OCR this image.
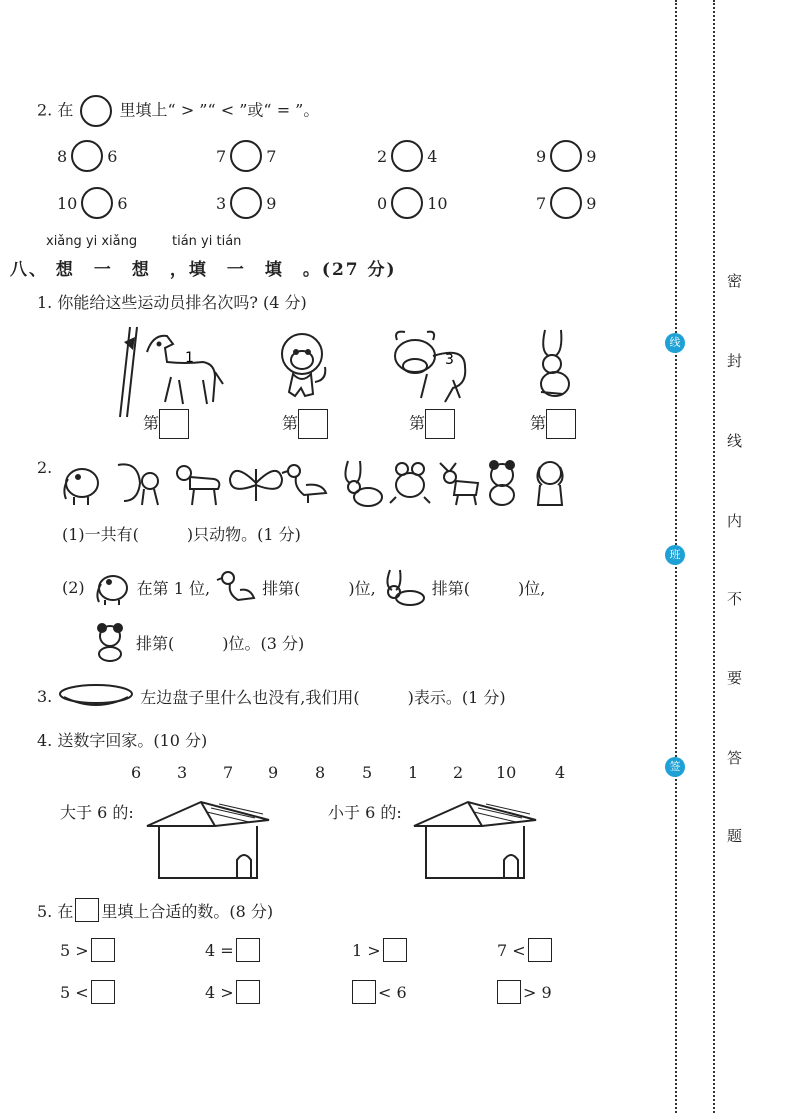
密
封
线
内
不
要
答
题
线
班
签
2. 在	里填上“ > ”“ < ”或“ = ”。
8	6	7	7	2	4	9	9
10	6	3	9	0	10	7	9
xiǎng yi xiǎng	tián yi tián
八、 想　一　想　，填　一　填　。(27 分)
1. 你能给这些运动员排名次吗? (4 分)
1	3
第	第	第	第
2.
(1)一共有(　　　)只动物。(1 分)
(2)	在第 1 位,	排第(　　　)位,	排第(　　　)位,
排第(　　　)位。(3 分)
3.	左边盘子里什么也没有,我们用(　　　)表示。(1 分)
4. 送数字回家。(10 分)
6 3 7 9 8 5 1 2 10 4
大于 6 的:	小于 6 的:
5. 在 里填上合适的数。(8 分)
5 >	4 =	1 >	7 <
5 <	4 >	< 6	> 9
